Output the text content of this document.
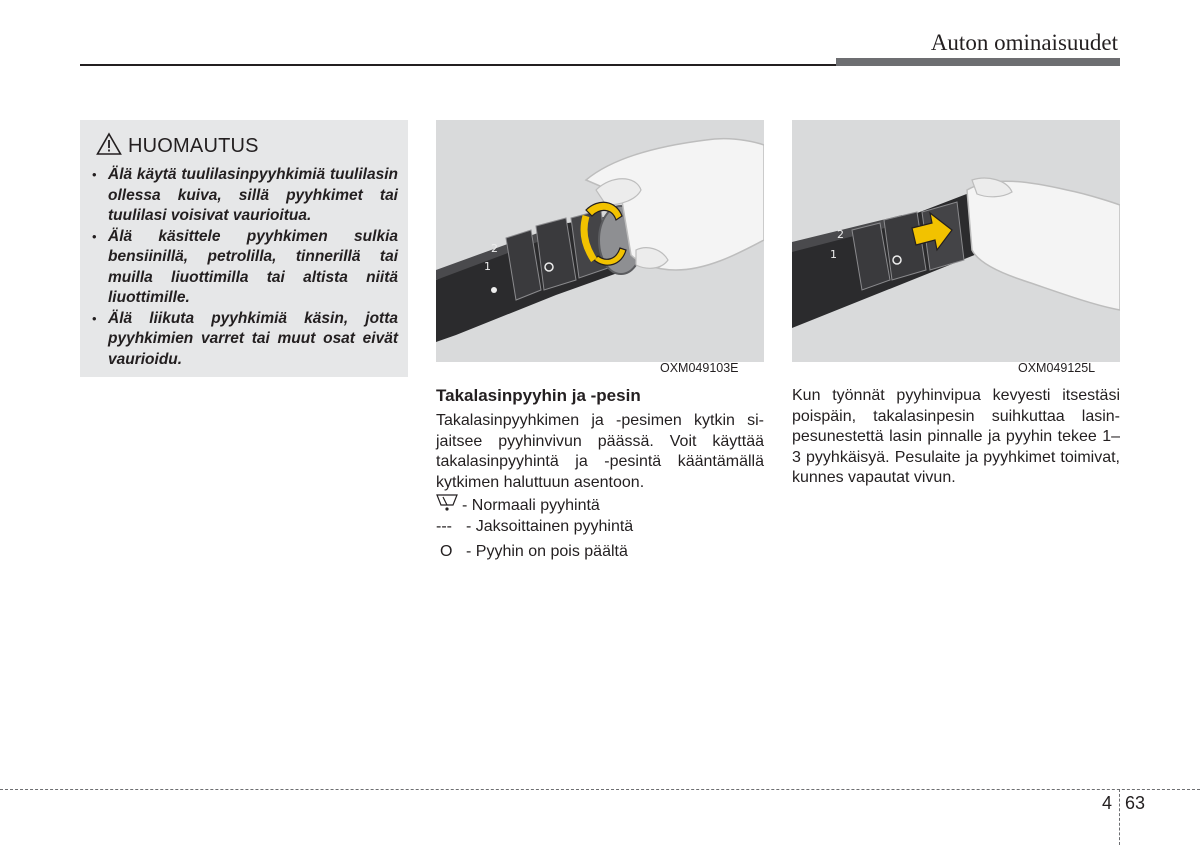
Auton ominaisuudet
HUOMAUTUS
• Älä käytä tuulilasinpyyhkimiä tuulilasin ollessa kuiva, sillä pyyhkimet tai tuulilasi voisivat vaurioitua.
• Älä käsittele pyyhkimen sulkia bensiinillä, petrolilla, tinnerillä tai muilla liuottimilla tai altista niitä liuottimille.
• Älä liikuta pyyhkimiä käsin, jotta pyyhkimien varret tai muut osat eivät vaurioidu.
2
1
OXM049103E
2
1
OXM049125L
Takalasinpyyhin ja -pesin
Takalasinpyyhkimen ja -pesimen kytkin sijaitsee pyyhinvivun päässä. Voit käyttää takalasinpyyhintä ja -pesintä kääntämällä kytkimen haluttuun asentoon.
- Normaali pyyhintä
--- - Jaksoittainen pyyhintä
O - Pyyhin on pois päältä
Kun työnnät pyyhinvipua kevyesti itsestäsi poispäin, takalasinpesin suihkuttaa lasinpesunestettä lasin pinnalle ja pyyhin tekee 1–3 pyyhkäisyä. Pesulaite ja pyyhkimet toimivat, kunnes vapautat vivun.
4 63
